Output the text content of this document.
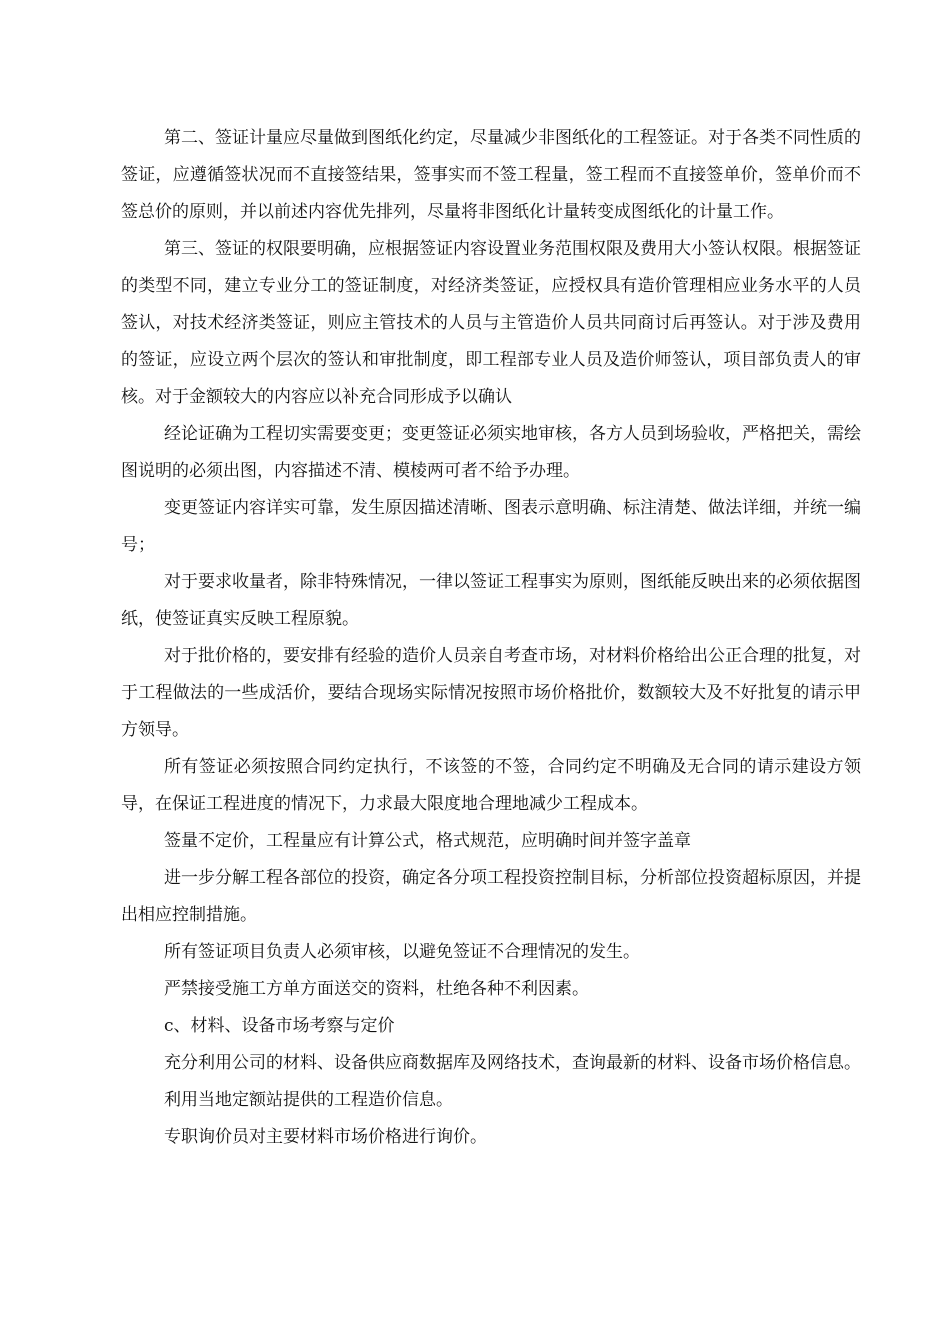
第二、签证计量应尽量做到图纸化约定，尽量减少非图纸化的工程签证。对于各类不同性质的签证，应遵循签状况而不直接签结果，签事实而不签工程量，签工程而不直接签单价，签单价而不签总价的原则，并以前述内容优先排列，尽量将非图纸化计量转变成图纸化的计量工作。

第三、签证的权限要明确，应根据签证内容设置业务范围权限及费用大小签认权限。根据签证的类型不同，建立专业分工的签证制度，对经济类签证，应授权具有造价管理相应业务水平的人员签认，对技术经济类签证，则应主管技术的人员与主管造价人员共同商讨后再签认。对于涉及费用的签证，应设立两个层次的签认和审批制度，即工程部专业人员及造价师签认，项目部负责人的审核。对于金额较大的内容应以补充合同形成予以确认

经论证确为工程切实需要变更；变更签证必须实地审核，各方人员到场验收，严格把关，需绘图说明的必须出图，内容描述不清、模棱两可者不给予办理。

变更签证内容详实可靠，发生原因描述清晰、图表示意明确、标注清楚、做法详细，并统一编号；

对于要求收量者，除非特殊情况，一律以签证工程事实为原则，图纸能反映出来的必须依据图纸，使签证真实反映工程原貌。

对于批价格的，要安排有经验的造价人员亲自考查市场，对材料价格给出公正合理的批复，对于工程做法的一些成活价，要结合现场实际情况按照市场价格批价，数额较大及不好批复的请示甲方领导。

所有签证必须按照合同约定执行，不该签的不签，合同约定不明确及无合同的请示建设方领导，在保证工程进度的情况下，力求最大限度地合理地减少工程成本。

签量不定价，工程量应有计算公式，格式规范，应明确时间并签字盖章

进一步分解工程各部位的投资，确定各分项工程投资控制目标，分析部位投资超标原因，并提出相应控制措施。

所有签证项目负责人必须审核，以避免签证不合理情况的发生。

严禁接受施工方单方面送交的资料，杜绝各种不利因素。

c、材料、设备市场考察与定价

充分利用公司的材料、设备供应商数据库及网络技术，查询最新的材料、设备市场价格信息。

利用当地定额站提供的工程造价信息。

专职询价员对主要材料市场价格进行询价。
